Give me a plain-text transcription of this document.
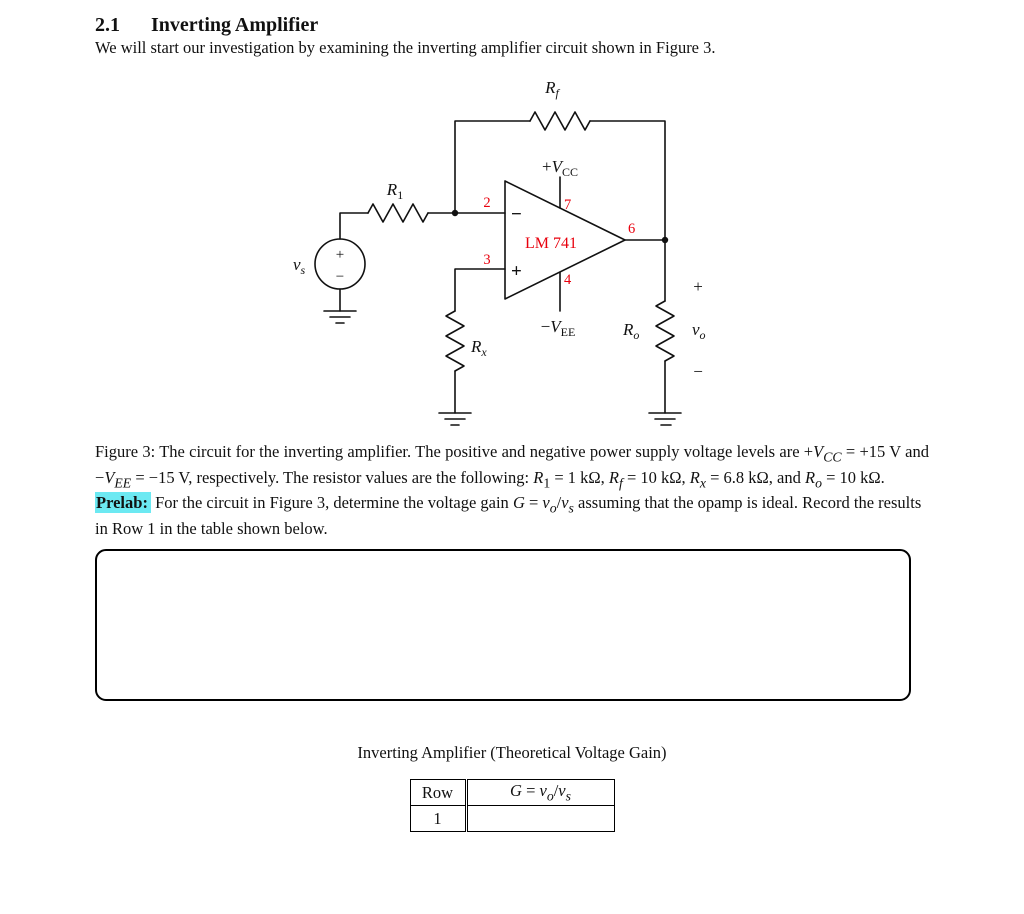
2.1 Inverting Amplifier

We will start our investigation by examining the inverting amplifier circuit shown in Figure 3.

$R_f$
$R_1$
$+V_{CC}$
$-V_{EE}$
LM 741
2
3
7
4
6
−
+
$v_s$
+
−
$R_x$
$R_o$
+
$v_o$
−

Figure 3: The circuit for the inverting amplifier. The positive and negative power supply voltage levels are $+V_{CC} = +15$ V and $-V_{EE} = -15$ V, respectively. The resistor values are the following: $R_1 = 1$ kΩ, $R_f = 10$ kΩ, $R_x = 6.8$ kΩ, and $R_o = 10$ kΩ.

Prelab: For the circuit in Figure 3, determine the voltage gain $G = v_o/v_s$ assuming that the opamp is ideal. Record the results in Row 1 in the table shown below.

Inverting Amplifier (Theoretical Voltage Gain)

Row	$G = v_o/v_s$
1	
